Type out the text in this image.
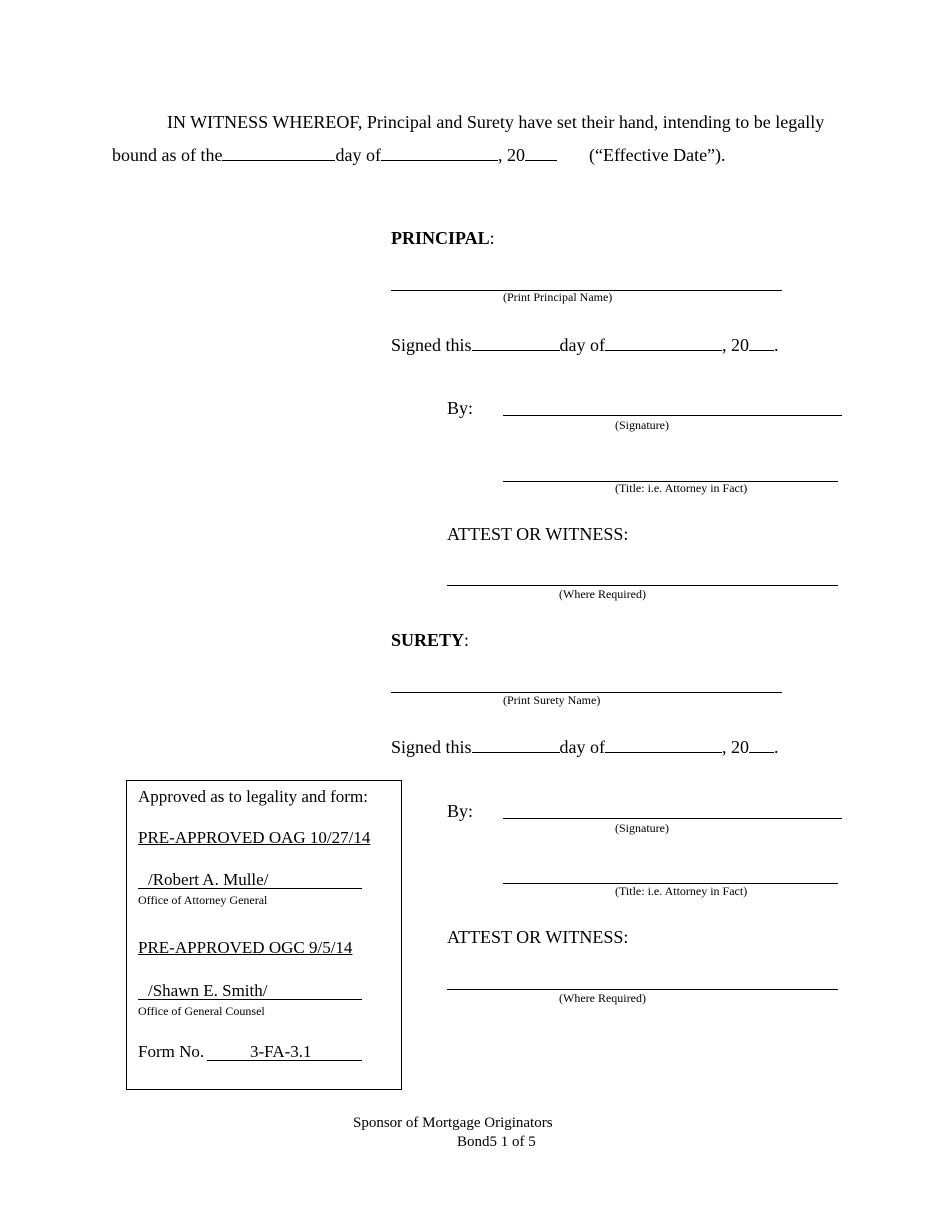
IN WITNESS WHEREOF, Principal and Surety have set their hand, intending to be legally
bound as of the	day of	, 20	(“Effective Date”).
PRINCIPAL:
(Print Principal Name)
Signed this	day of	, 20 .
By:
(Signature)
(Title: i.e. Attorney in Fact)
ATTEST OR WITNESS:
(Where Required)
SURETY:
(Print Surety Name)
Signed this	day of	, 20 .
By:
(Signature)
(Title: i.e. Attorney in Fact)
ATTEST OR WITNESS:
(Where Required)
Approved as to legality and form:
PRE-APPROVED OAG 10/27/14
/Robert A. Mulle/
Office of Attorney General
PRE-APPROVED OGC 9/5/14
/Shawn E. Smith/
Office of General Counsel
Form No.	3-FA-3.1
Sponsor of Mortgage Originators
Bond5 1 of 5
